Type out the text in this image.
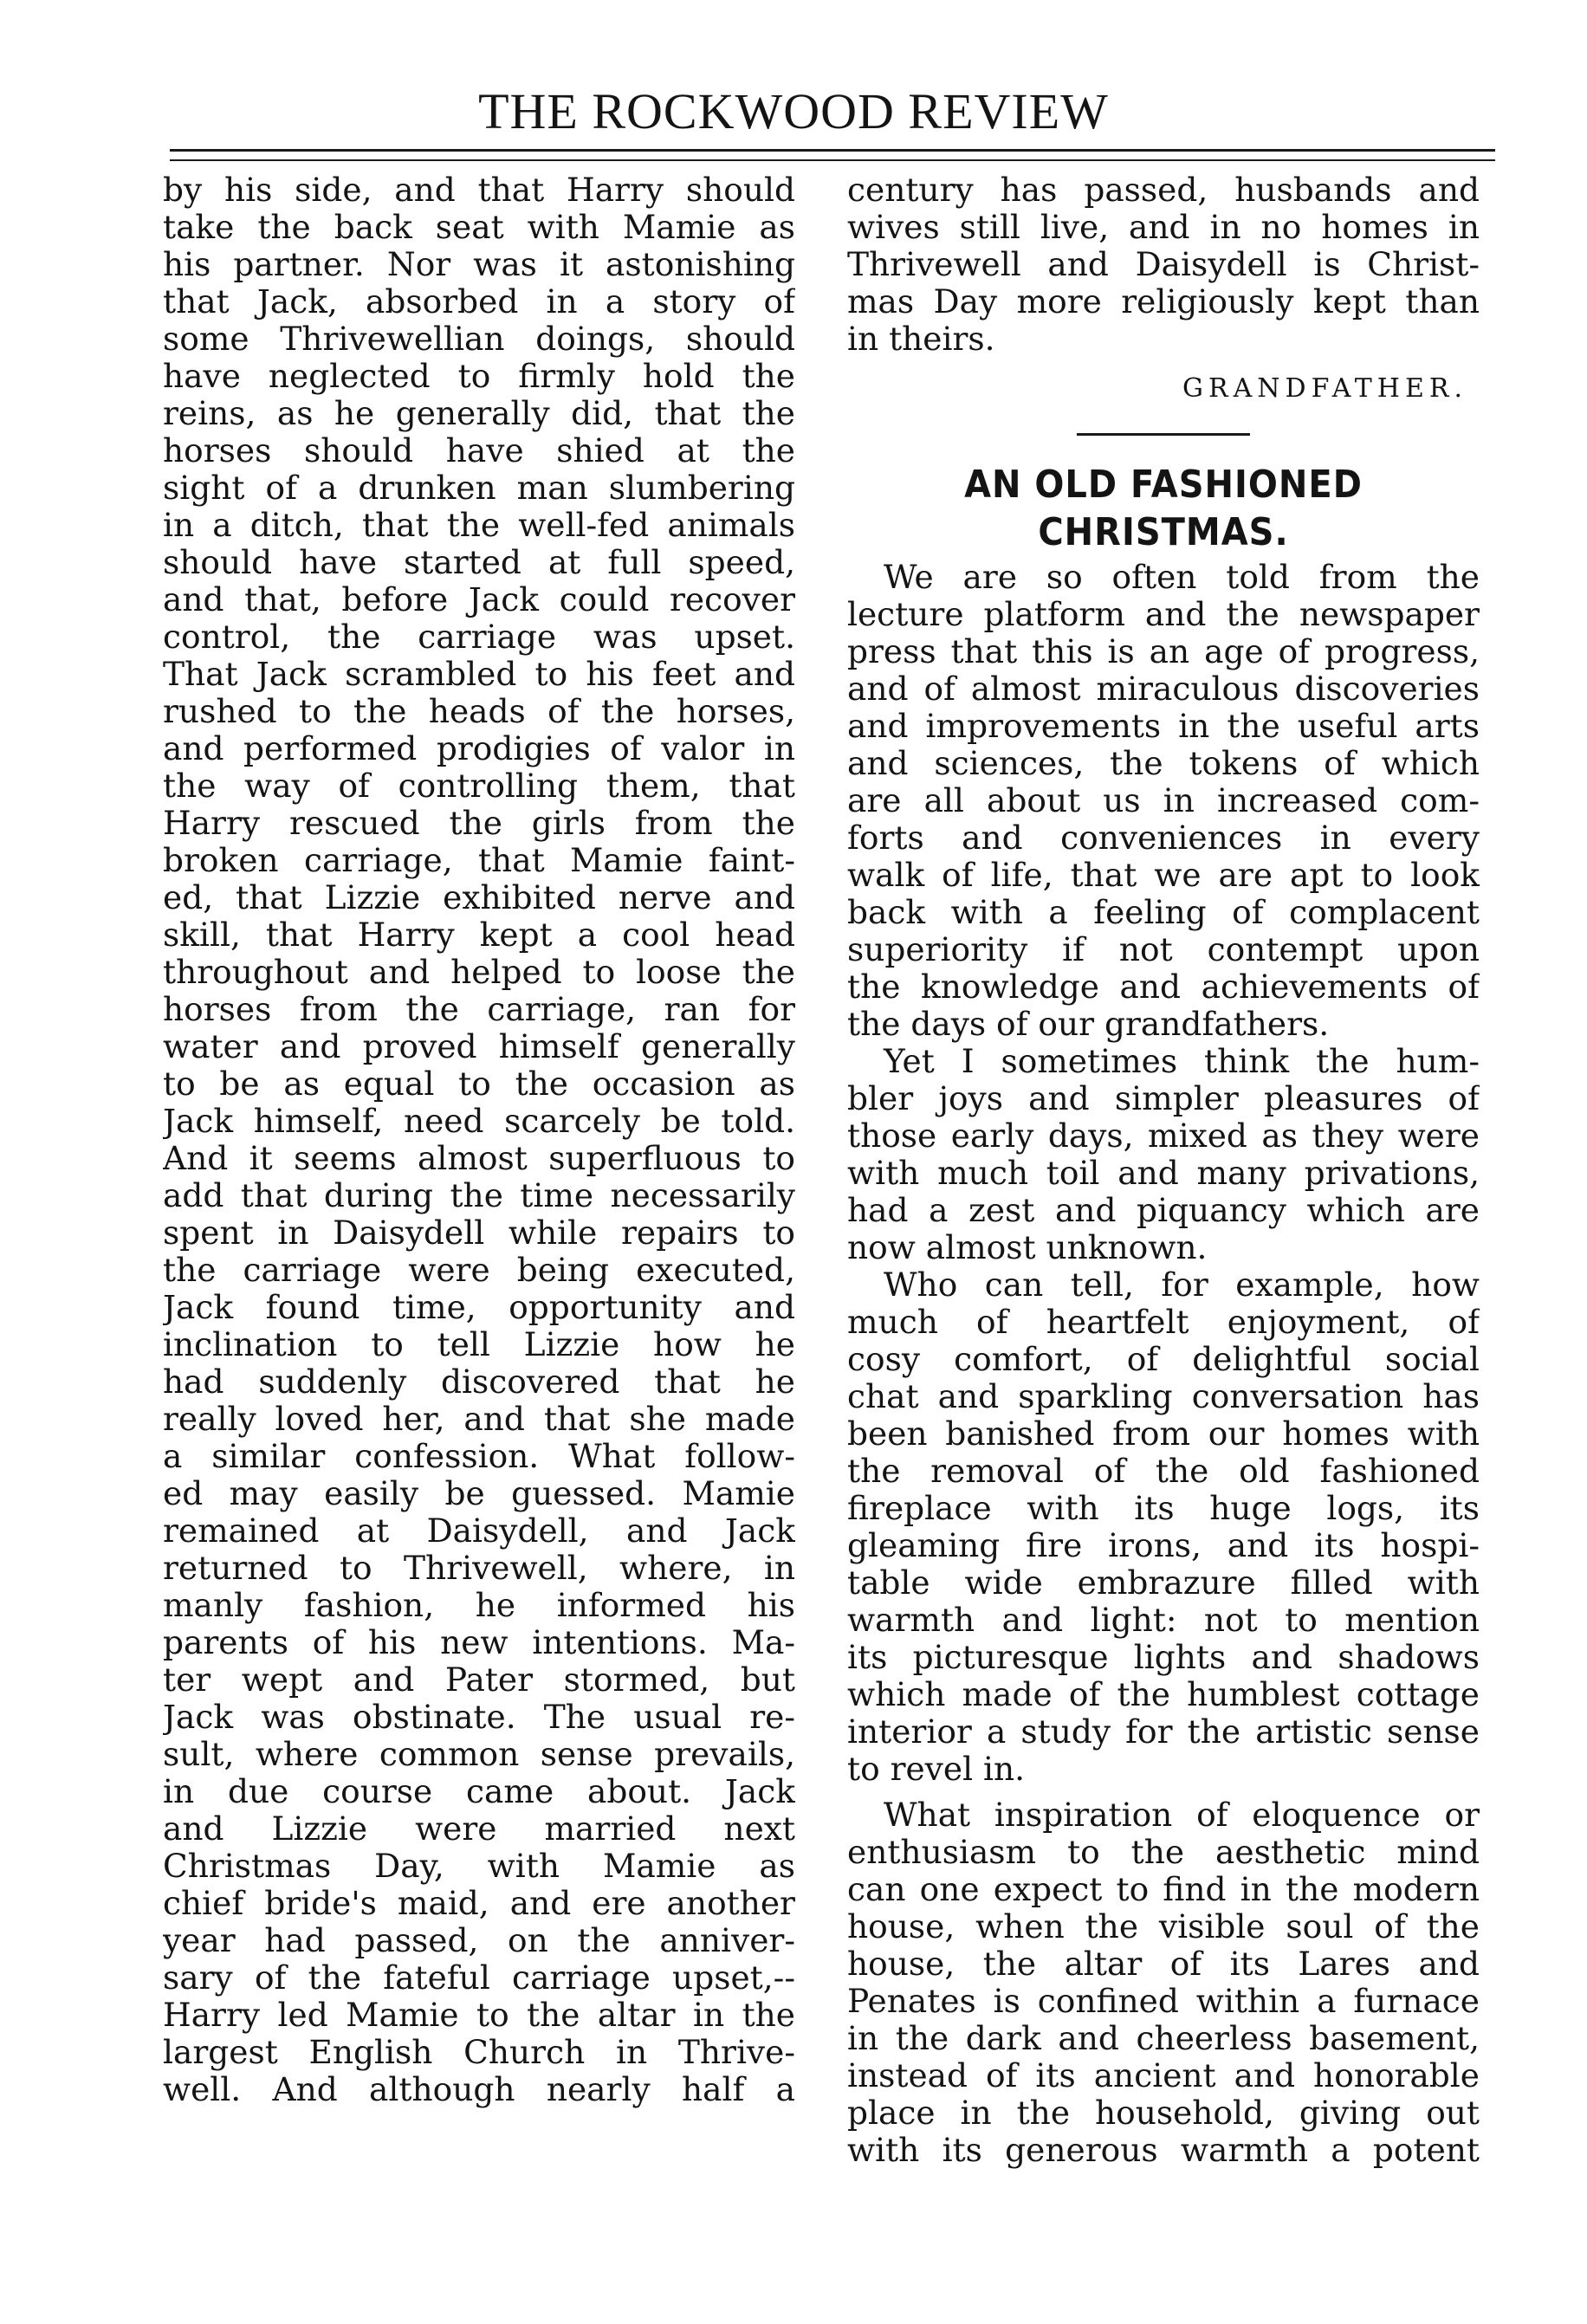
THE ROCKWOOD REVIEW
by his side, and that Harry should
take the back seat with Mamie as
his partner. Nor was it astonishing
that Jack, absorbed in a story of
some Thrivewellian doings, should
have neglected to firmly hold the
reins, as he generally did, that the
horses should have shied at the
sight of a drunken man slumbering
in a ditch, that the well-fed animals
should have started at full speed,
and that, before Jack could recover
control, the carriage was upset.
That Jack scrambled to his feet and
rushed to the heads of the horses,
and performed prodigies of valor in
the way of controlling them, that
Harry rescued the girls from the
broken carriage, that Mamie faint-
ed, that Lizzie exhibited nerve and
skill, that Harry kept a cool head
throughout and helped to loose the
horses from the carriage, ran for
water and proved himself generally
to be as equal to the occasion as
Jack himself, need scarcely be told.
And it seems almost superfluous to
add that during the time necessarily
spent in Daisydell while repairs to
the carriage were being executed,
Jack found time, opportunity and
inclination to tell Lizzie how he
had suddenly discovered that he
really loved her, and that she made
a similar confession. What follow-
ed may easily be guessed. Mamie
remained at Daisydell, and Jack
returned to Thrivewell, where, in
manly fashion, he informed his
parents of his new intentions. Ma-
ter wept and Pater stormed, but
Jack was obstinate. The usual re-
sult, where common sense prevails,
in due course came about. Jack
and Lizzie were married next
Christmas Day, with Mamie as
chief bride's maid, and ere another
year had passed, on the anniver-
sary of the fateful carriage upset,--
Harry led Mamie to the altar in the
largest English Church in Thrive-
well. And although nearly half a
century has passed, husbands and
wives still live, and in no homes in
Thrivewell and Daisydell is Christ-
mas Day more religiously kept than
in theirs.
GRANDFATHER.
AN OLD FASHIONED CHRISTMAS.
We are so often told from the
lecture platform and the newspaper
press that this is an age of progress,
and of almost miraculous discoveries
and improvements in the useful arts
and sciences, the tokens of which
are all about us in increased com-
forts and conveniences in every
walk of life, that we are apt to look
back with a feeling of complacent
superiority if not contempt upon
the knowledge and achievements of
the days of our grandfathers.
Yet I sometimes think the hum-
bler joys and simpler pleasures of
those early days, mixed as they were
with much toil and many privations,
had a zest and piquancy which are
now almost unknown.
Who can tell, for example, how
much of heartfelt enjoyment, of
cosy comfort, of delightful social
chat and sparkling conversation has
been banished from our homes with
the removal of the old fashioned
fireplace with its huge logs, its
gleaming fire irons, and its hospi-
table wide embrazure filled with
warmth and light: not to mention
its picturesque lights and shadows
which made of the humblest cottage
interior a study for the artistic sense
to revel in.
What inspiration of eloquence or
enthusiasm to the aesthetic mind
can one expect to find in the modern
house, when the visible soul of the
house, the altar of its Lares and
Penates is confined within a furnace
in the dark and cheerless basement,
instead of its ancient and honorable
place in the household, giving out
with its generous warmth a potent
